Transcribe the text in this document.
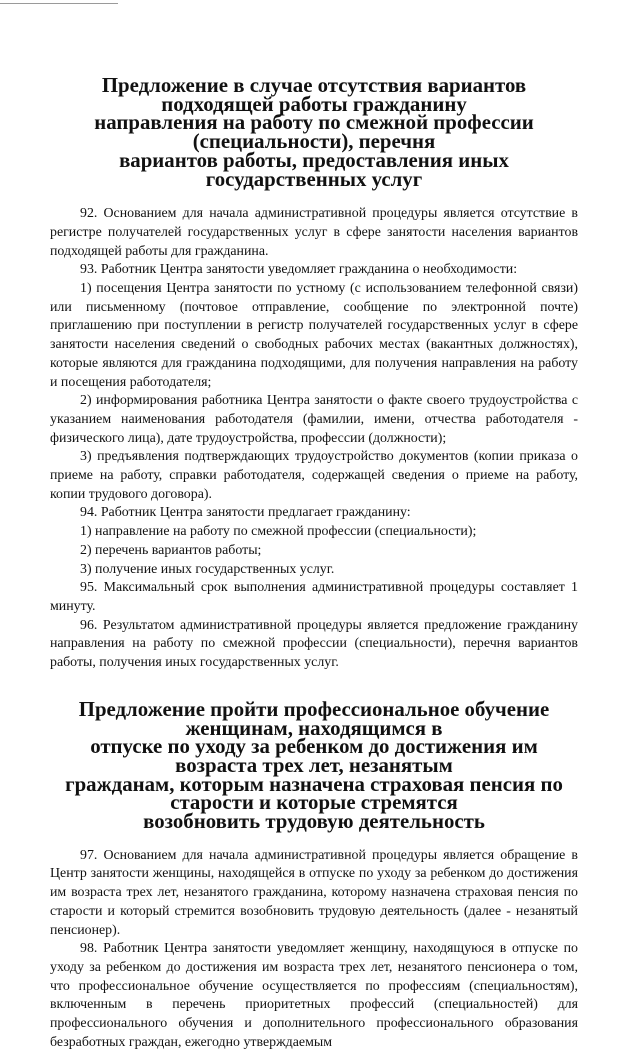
Предложение в случае отсутствия вариантов подходящей работы гражданину
направления на работу по смежной профессии (специальности), перечня
вариантов работы, предоставления иных государственных услуг

92. Основанием для начала административной процедуры является отсутствие в регистре получателей государственных услуг в сфере занятости населения вариантов подходящей работы для гражданина.

93. Работник Центра занятости уведомляет гражданина о необходимости:

1) посещения Центра занятости по устному (с использованием телефонной связи) или письменному (почтовое отправление, сообщение по электронной почте) приглашению при поступлении в регистр получателей государственных услуг в сфере занятости населения сведений о свободных рабочих местах (вакантных должностях), которые являются для гражданина подходящими, для получения направления на работу и посещения работодателя;

2) информирования работника Центра занятости о факте своего трудоустройства с указанием наименования работодателя (фамилии, имени, отчества работодателя - физического лица), дате трудоустройства, профессии (должности);

3) предъявления подтверждающих трудоустройство документов (копии приказа о приеме на работу, справки работодателя, содержащей сведения о приеме на работу, копии трудового договора).

94. Работник Центра занятости предлагает гражданину:

1) направление на работу по смежной профессии (специальности);

2) перечень вариантов работы;

3) получение иных государственных услуг.

95. Максимальный срок выполнения административной процедуры составляет 1 минуту.

96. Результатом административной процедуры является предложение гражданину направления на работу по смежной профессии (специальности), перечня вариантов работы, получения иных государственных услуг.

Предложение пройти профессиональное обучение женщинам, находящимся в
отпуске по уходу за ребенком до достижения им возраста трех лет, незанятым
гражданам, которым назначена страховая пенсия по старости и которые стремятся
возобновить трудовую деятельность

97. Основанием для начала административной процедуры является обращение в Центр занятости женщины, находящейся в отпуске по уходу за ребенком до достижения им возраста трех лет, незанятого гражданина, которому назначена страховая пенсия по старости и который стремится возобновить трудовую деятельность (далее - незанятый пенсионер).

98. Работник Центра занятости уведомляет женщину, находящуюся в отпуске по уходу за ребенком до достижения им возраста трех лет, незанятого пенсионера о том, что профессиональное обучение осуществляется по профессиям (специальностям), включенным в перечень приоритетных профессий (специальностей) для профессионального обучения и дополнительного профессионального образования безработных граждан, ежегодно утверждаемым
